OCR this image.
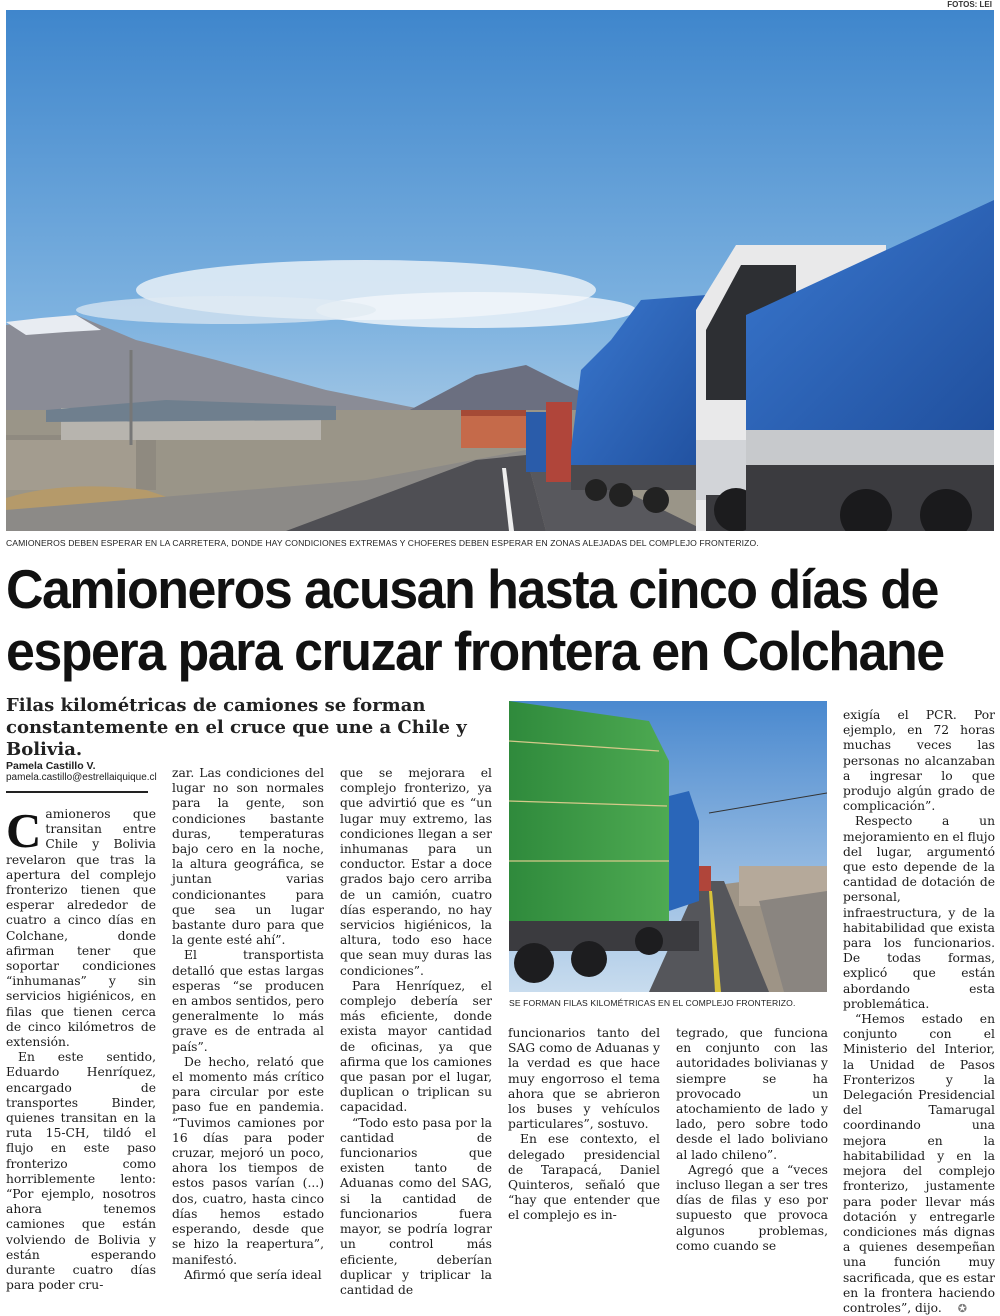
FOTOS: LEI
CAMIONEROS DEBEN ESPERAR EN LA CARRETERA, DONDE HAY CONDICIONES EXTREMAS Y CHOFERES DEBEN ESPERAR EN ZONAS ALEJADAS DEL COMPLEJO FRONTERIZO.
Camioneros acusan hasta cinco días de
espera para cruzar frontera en Colchane

Filas kilométricas de camiones se forman constantemente en el cruce que une a Chile y Bolivia.

Pamela Castillo V.
pamela.castillo@estrellaiquique.cl
SE FORMAN FILAS KILOMÉTRICAS EN EL COMPLEJO FRONTERIZO.

Camioneros que transitan entre Chile y Bolivia revelaron que tras la apertura del complejo fronterizo tienen que esperar alrededor de cuatro a cinco días en Colchane, donde afirman tener que soportar condiciones “inhumanas” y sin servicios higiénicos, en filas que tienen cerca de cinco kilómetros de extensión.

En este sentido, Eduardo Henríquez, encargado de transportes Binder, quienes transitan en la ruta 15-CH, tildó el flujo en este paso fronterizo como horriblemente lento: “Por ejemplo, nosotros ahora tenemos camiones que están volviendo de Bolivia y están esperando durante cuatro días para poder cru-

zar. Las condiciones del lugar no son normales para la gente, son condiciones bastante duras, temperaturas bajo cero en la noche, la altura geográfica, se juntan varias condicionantes para que sea un lugar bastante duro para que la gente esté ahí”.

El transportista detalló que estas largas esperas “se producen en ambos sentidos, pero generalmente lo más grave es de entrada al país”.

De hecho, relató que el momento más crítico para circular por este paso fue en pandemia. “Tuvimos camiones por 16 días para poder cruzar, mejoró un poco, ahora los tiempos de estos pasos varían (...) dos, cuatro, hasta cinco días hemos estado esperando, desde que se hizo la reapertura”, manifestó.

Afirmó que sería ideal

que se mejorara el complejo fronterizo, ya que advirtió que es “un lugar muy extremo, las condiciones llegan a ser inhumanas para un conductor. Estar a doce grados bajo cero arriba de un camión, cuatro días esperando, no hay servicios higiénicos, la altura, todo eso hace que sean muy duras las condiciones”.

Para Henríquez, el complejo debería ser más eficiente, donde exista mayor cantidad de oficinas, ya que afirma que los camiones que pasan por el lugar, duplican o triplican su capacidad.

“Todo esto pasa por la cantidad de funcionarios que existen tanto de Aduanas como del SAG, si la cantidad de funcionarios fuera mayor, se podría lograr un control más eficiente, deberían duplicar y triplicar la cantidad de

funcionarios tanto del SAG como de Aduanas y la verdad es que hace muy engorroso el tema ahora que se abrieron los buses y vehículos particulares”, sostuvo.

En ese contexto, el delegado presidencial de Tarapacá, Daniel Quinteros, señaló que “hay que entender que el complejo es in-

tegrado, que funciona en conjunto con las autoridades bolivianas y siempre se ha provocado un atochamiento de lado y lado, pero sobre todo desde el lado boliviano al lado chileno”.

Agregó que a “veces incluso llegan a ser tres días de filas y eso por supuesto que provoca algunos problemas, como cuando se

exigía el PCR. Por ejemplo, en 72 horas muchas veces las personas no alcanzaban a ingresar lo que produjo algún grado de complicación”.

Respecto a un mejoramiento en el flujo del lugar, argumentó que esto depende de la cantidad de dotación de personal, infraestructura, y de la habitabilidad que exista para los funcionarios. De todas formas, explicó que están abordando esta problemática.

“Hemos estado en conjunto con el Ministerio del Interior, la Unidad de Pasos Fronterizos y la Delegación Presidencial del Tamarugal coordinando una mejora en la habitabilidad y en la mejora del complejo fronterizo, justamente para poder llevar más dotación y entregarle condiciones más dignas a quienes desempeñan una función muy sacrificada, que es estar en la frontera haciendo controles”, dijo. ✪
